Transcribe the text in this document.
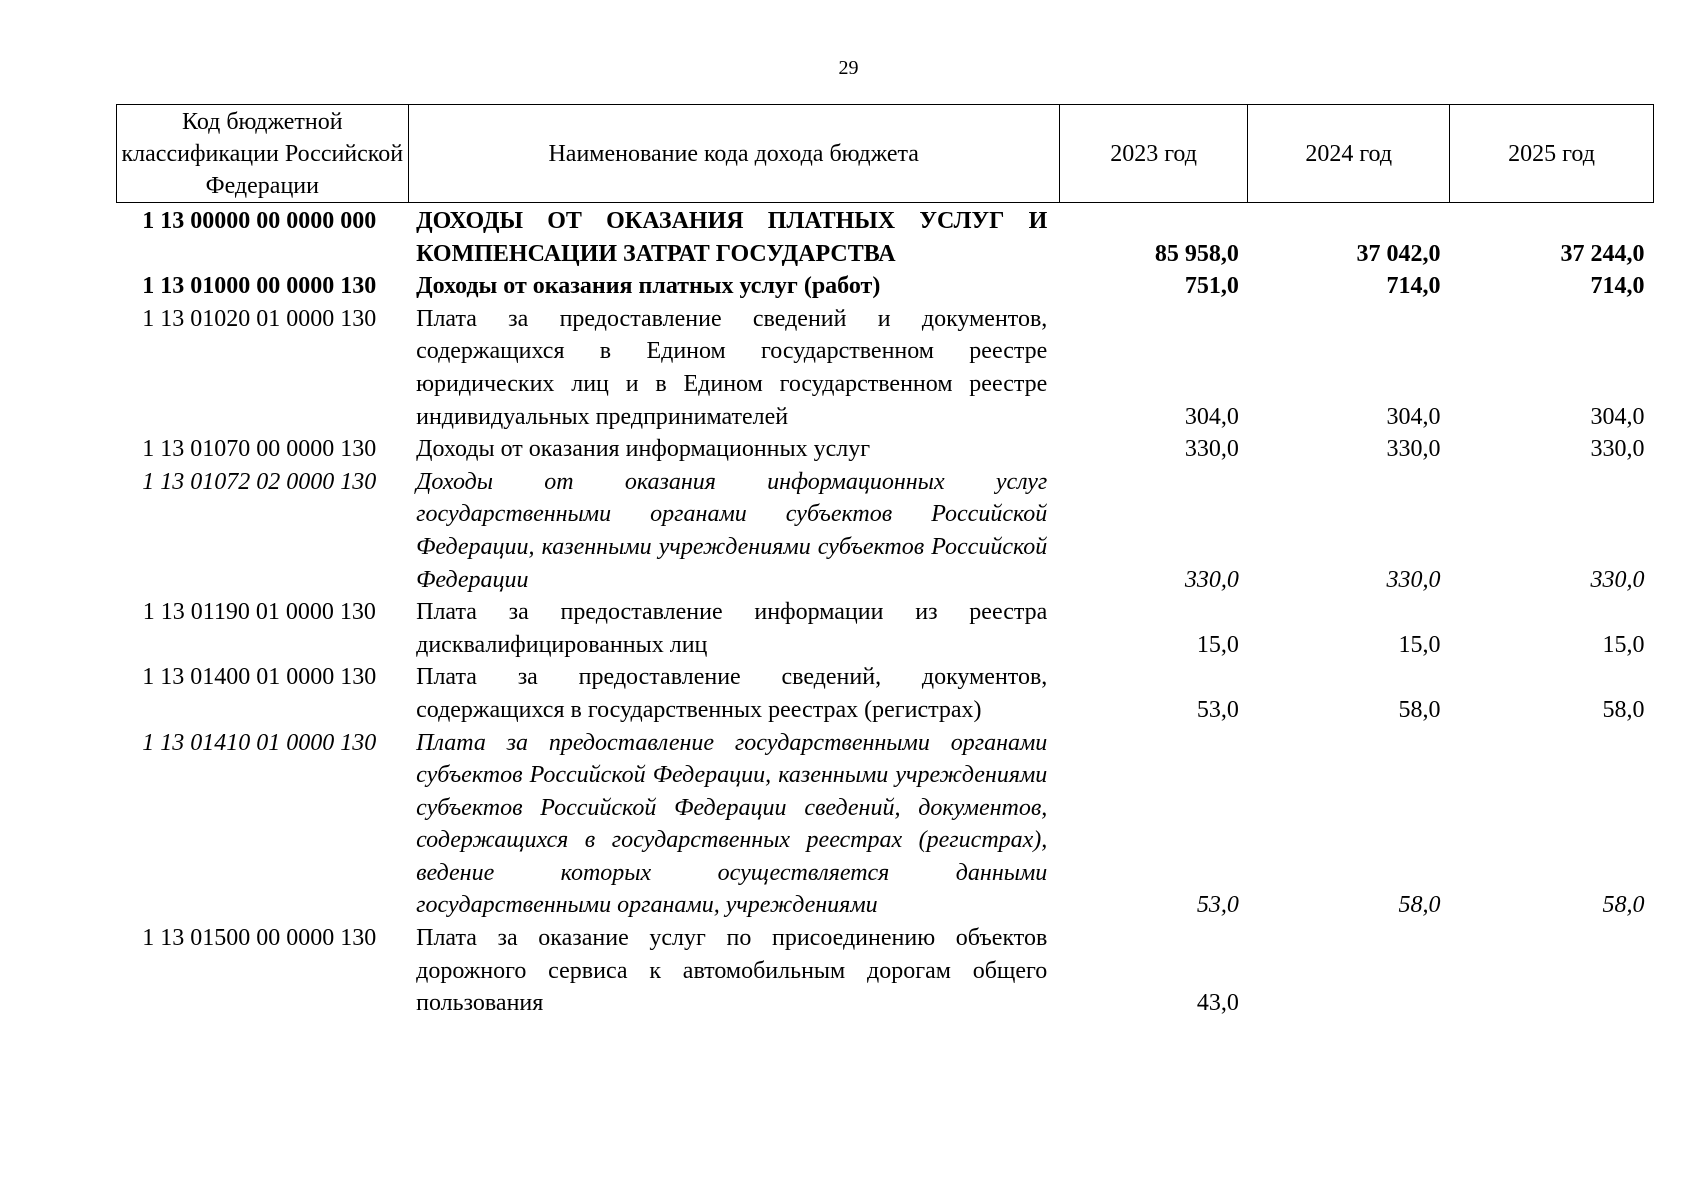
29
Код бюджетной классификации Российской Федерации	Наименование кода дохода бюджета	2023 год	2024 год	2025 год
1 13 00000 00 0000 000	ДОХОДЫ ОТ ОКАЗАНИЯ ПЛАТНЫХ УСЛУГ И КОМПЕНСАЦИИ ЗАТРАТ ГОСУДАРСТВА	85 958,0	37 042,0	37 244,0
1 13 01000 00 0000 130	Доходы от оказания платных услуг (работ)	751,0	714,0	714,0
1 13 01020 01 0000 130	Плата за предоставление сведений и документов, содержащихся в Едином государственном реестре юридических лиц и в Едином государственном реестре индивидуальных предпринимателей	304,0	304,0	304,0
1 13 01070 00 0000 130	Доходы от оказания информационных услуг	330,0	330,0	330,0
1 13 01072 02 0000 130	Доходы от оказания информационных услуг государственными органами субъектов Российской Федерации, казенными учреждениями субъектов Российской Федерации	330,0	330,0	330,0
1 13 01190 01 0000 130	Плата за предоставление информации из реестра дисквалифицированных лиц	15,0	15,0	15,0
1 13 01400 01 0000 130	Плата за предоставление сведений, документов, содержащихся в государственных реестрах (регистрах)	53,0	58,0	58,0
1 13 01410 01 0000 130	Плата за предоставление государственными органами субъектов Российской Федерации, казенными учреждениями субъектов Российской Федерации сведений, документов, содержащихся в государственных реестрах (регистрах), ведение которых осуществляется данными государственными органами, учреждениями	53,0	58,0	58,0
1 13 01500 00 0000 130	Плата за оказание услуг по присоединению объектов дорожного сервиса к автомобильным дорогам общего пользования	43,0		
